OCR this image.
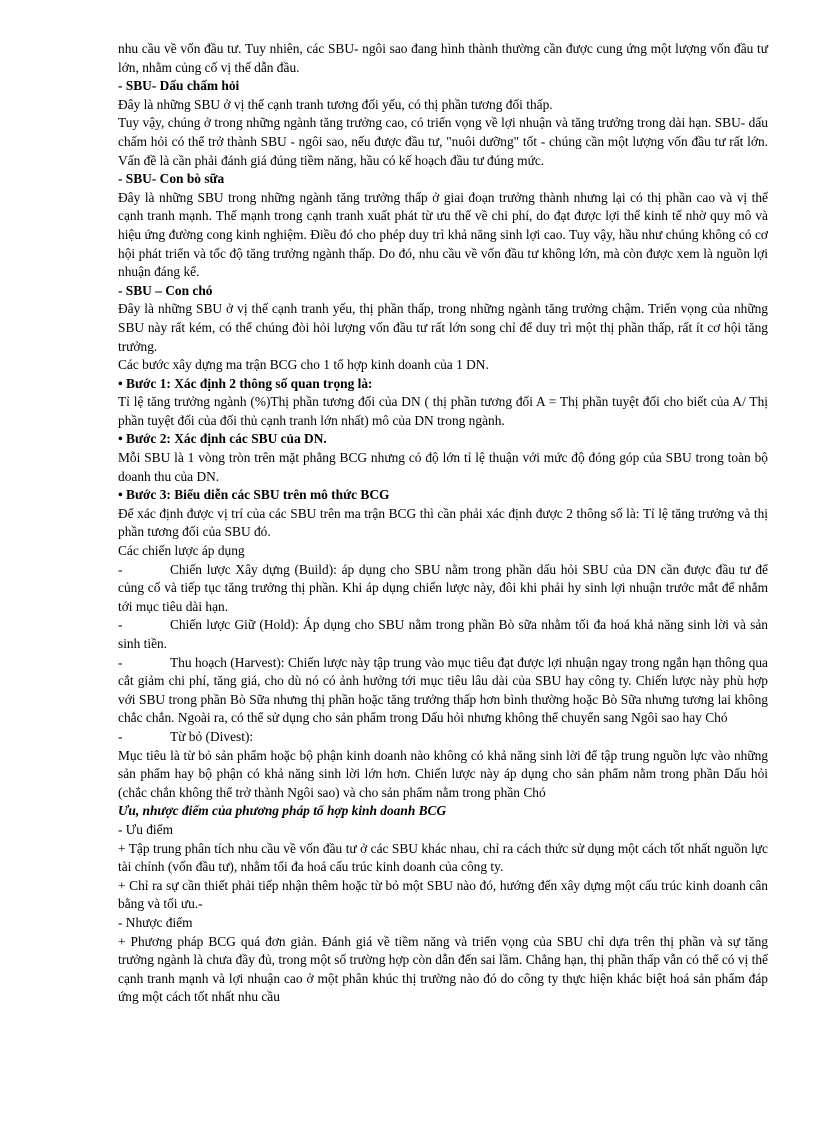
nhu cầu về vốn đầu tư. Tuy nhiên, các SBU- ngôi sao đang hình thành thường cần được cung ứng một lượng vốn đầu tư lớn, nhằm củng cố vị thế dẫn đầu.

- SBU- Dấu chấm hỏi

Đây là những SBU ở vị thế cạnh tranh tương đối yếu, có thị phần tương đối thấp.

Tuy vậy, chúng ở trong những ngành tăng trưởng cao, có triển vọng về lợi nhuận và tăng trưởng trong dài hạn. SBU- dấu chấm hỏi có thể trở thành SBU - ngôi sao, nếu được đầu tư, "nuôi dưỡng" tốt - chúng cần một lượng vốn đầu tư rất lớn. Vấn đề là cần phải đánh giá đúng tiềm năng, hầu có kế hoạch đầu tư đúng mức.

- SBU- Con bò sữa

Đây là những SBU trong những ngành tăng trưởng thấp ở giai đoạn trưởng thành nhưng lại có thị phần cao và vị thế cạnh tranh mạnh. Thế mạnh trong cạnh tranh xuất phát từ ưu thế về chi phí, do đạt được lợi thế kinh tế nhờ quy mô và hiệu ứng đường cong kinh nghiệm. Điều đó cho phép duy trì khả năng sinh lợi cao. Tuy vậy, hầu như chúng không có cơ hội phát triển và tốc độ tăng trưởng ngành thấp. Do đó, nhu cầu về vốn đầu tư không lớn, mà còn được xem là nguồn lợi nhuận đáng kể.

- SBU – Con chó

Đây là những SBU ở vị thế cạnh tranh yếu, thị phần thấp, trong những ngành tăng trưởng chậm. Triển vọng của những SBU này rất kém, có thể chúng đòi hỏi lượng vốn đầu tư rất lớn song chỉ để duy trì một thị phần thấp, rất ít cơ hội tăng trưởng.

Các bước xây dựng ma trận BCG cho 1 tổ hợp kinh doanh của 1 DN.

• Bước 1: Xác định 2 thông số quan trọng là:

Tỉ lệ tăng trưởng ngành (%)Thị phần tương đối của DN ( thị phần tương đối A = Thị phần tuyệt đối cho biết của A/ Thị phần tuyệt đối của đối thủ cạnh tranh lớn nhất) mô của DN trong ngành.

• Bước 2: Xác định các SBU của DN.

Mỗi SBU là 1 vòng tròn trên mặt phẳng BCG nhưng có độ lớn tỉ lệ thuận với mức độ đóng góp của SBU trong toàn bộ doanh thu của DN.

• Bước 3: Biểu diễn các SBU trên mô thức BCG

Để xác định được vị trí của các SBU trên ma trận BCG thì cần phải xác định được 2 thông số là: Tỉ lệ tăng trưởng và thị phần tương đối của SBU đó.

Các chiến lược áp dụng

-	Chiến lược Xây dựng (Build): áp dụng cho SBU nằm trong phần dấu hỏi SBU của DN cần được đầu tư để củng cố và tiếp tục tăng trưởng thị phần. Khi áp dụng chiến lược này, đôi khi phải hy sinh lợi nhuận trước mắt để nhắm tới mục tiêu dài hạn.

-	Chiến lược Giữ (Hold): Áp dụng cho SBU nằm trong phần Bò sữa nhằm tối đa hoá khả năng sinh lời và sản sinh tiền.

-	Thu hoạch (Harvest): Chiến lược này tập trung vào mục tiêu đạt được lợi nhuận ngay trong ngắn hạn thông qua cắt giảm chi phí, tăng giá, cho dù nó có ảnh hưởng tới mục tiêu lâu dài của SBU hay công ty. Chiến lược này phù hợp với SBU trong phần Bò Sữa nhưng thị phần hoặc tăng trưởng thấp hơn bình thường hoặc Bò Sữa nhưng tương lai không chắc chắn. Ngoài ra, có thể sử dụng cho sản phẩm trong Dấu hỏi nhưng không thể chuyển sang Ngôi sao hay Chó

-	Từ bỏ (Divest):

Mục tiêu là từ bỏ sản phẩm hoặc bộ phận kinh doanh nào không có khả năng sinh lời để tập trung nguồn lực vào những sản phẩm hay bộ phận có khả năng sinh lời lớn hơn. Chiến lược này áp dụng cho sản phẩm nằm trong phần Dấu hỏi (chắc chắn không thể trở thành Ngôi sao) và cho sản phẩm nằm trong phần Chó

Ưu, nhược điểm của phương pháp tổ hợp kinh doanh BCG

- Ưu điểm

+ Tập trung phân tích nhu cầu về vốn đầu tư ở các SBU khác nhau, chỉ ra cách thức sử dụng một cách tốt nhất nguồn lực tài chính (vốn đầu tư), nhằm tối đa hoá cấu trúc kinh doanh của công ty.

+ Chỉ ra sự cần thiết phải tiếp nhận thêm hoặc từ bỏ một SBU nào đó, hướng đến xây dựng một cấu trúc kinh doanh cân bằng và tối ưu.-

- Nhược điểm

+ Phương pháp BCG quá đơn giản. Đánh giá về tiềm năng và triển vọng của SBU chỉ dựa trên thị phần và sự tăng trưởng ngành là chưa đầy đủ, trong một số trường hợp còn dẫn đến sai lầm. Chẳng hạn, thị phần thấp vẫn có thể có vị thế cạnh tranh mạnh và lợi nhuận cao ở một phân khúc thị trường nào đó do công ty thực hiện khác biệt hoá sản phẩm đáp ứng một cách tốt nhất nhu cầu
